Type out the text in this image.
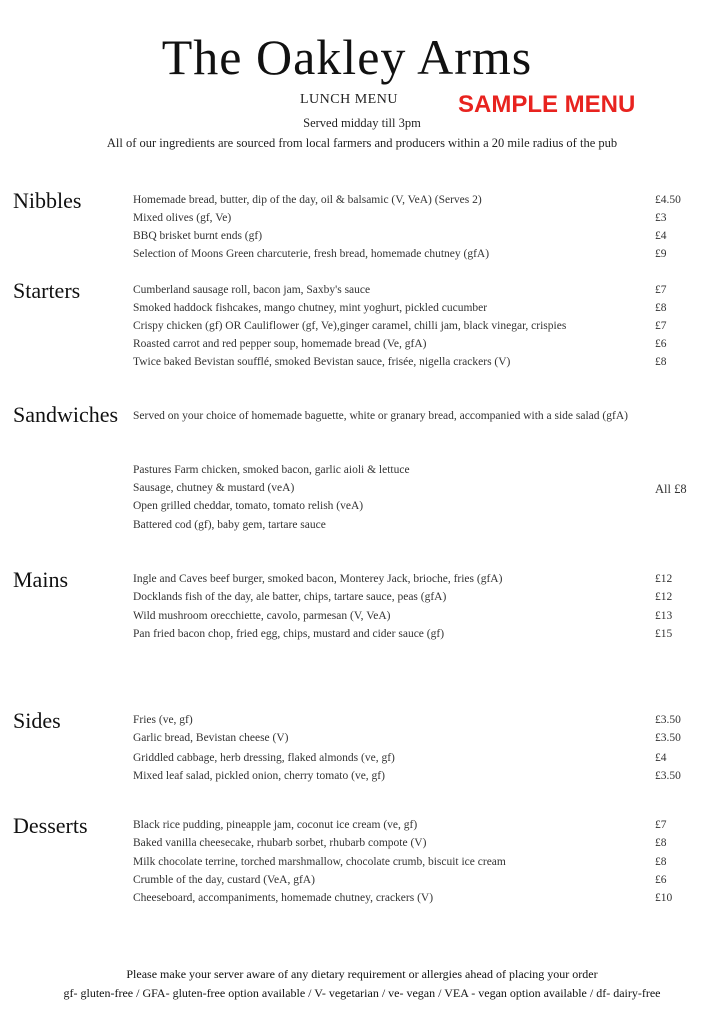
The Oakley Arms
LUNCH MENU	SAMPLE MENU
Served midday till 3pm
All of our ingredients are sourced from local farmers and producers within a 20 mile radius of the pub
Nibbles	Homemade bread, butter, dip of the day, oil & balsamic (V, VeA) (Serves 2)	£4.50
Mixed olives (gf, Ve)	£3
BBQ brisket burnt ends (gf)	£4
Selection of Moons Green charcuterie, fresh bread, homemade chutney (gfA)	£9
Starters	Cumberland sausage roll, bacon jam, Saxby's sauce	£7
Smoked haddock fishcakes, mango chutney, mint yoghurt, pickled cucumber	£8
Crispy chicken (gf) OR Cauliflower (gf, Ve),ginger caramel, chilli jam, black vinegar, crispies	£7
Roasted carrot and red pepper soup, homemade bread (Ve, gfA)	£6
Twice baked Bevistan soufflé, smoked Bevistan sauce, frisée, nigella crackers (V)	£8
Sandwiches Served on your choice of homemade baguette, white or granary bread, accompanied with a side salad (gfA)
All £8
Pastures Farm chicken, smoked bacon, garlic aioli & lettuce
Sausage, chutney & mustard (veA)
Open grilled cheddar, tomato, tomato relish (veA)
Battered cod (gf), baby gem, tartare sauce
Mains	Ingle and Caves beef burger, smoked bacon, Monterey Jack, brioche, fries (gfA)	£12
Docklands fish of the day, ale batter, chips, tartare sauce, peas (gfA)	£12
Wild mushroom orecchiette, cavolo, parmesan (V, VeA)	£13
Pan fried bacon chop, fried egg, chips, mustard and cider sauce (gf)	£15
Sides	Fries (ve, gf)	£3.50
Garlic bread, Bevistan cheese (V)	£3.50
Griddled cabbage, herb dressing, flaked almonds (ve, gf)	£4
Mixed leaf salad, pickled onion, cherry tomato (ve, gf)	£3.50
Desserts	Black rice pudding, pineapple jam, coconut ice cream (ve, gf)	£7
Baked vanilla cheesecake, rhubarb sorbet, rhubarb compote (V)	£8
Milk chocolate terrine, torched marshmallow, chocolate crumb, biscuit ice cream	£8
Crumble of the day, custard (VeA, gfA)	£6
Cheeseboard, accompaniments, homemade chutney, crackers (V)	£10
Please make your server aware of any dietary requirement or allergies ahead of placing your order
gf- gluten-free / GFA- gluten-free option available / V- vegetarian / ve- vegan / VEA - vegan option available / df- dairy-free
